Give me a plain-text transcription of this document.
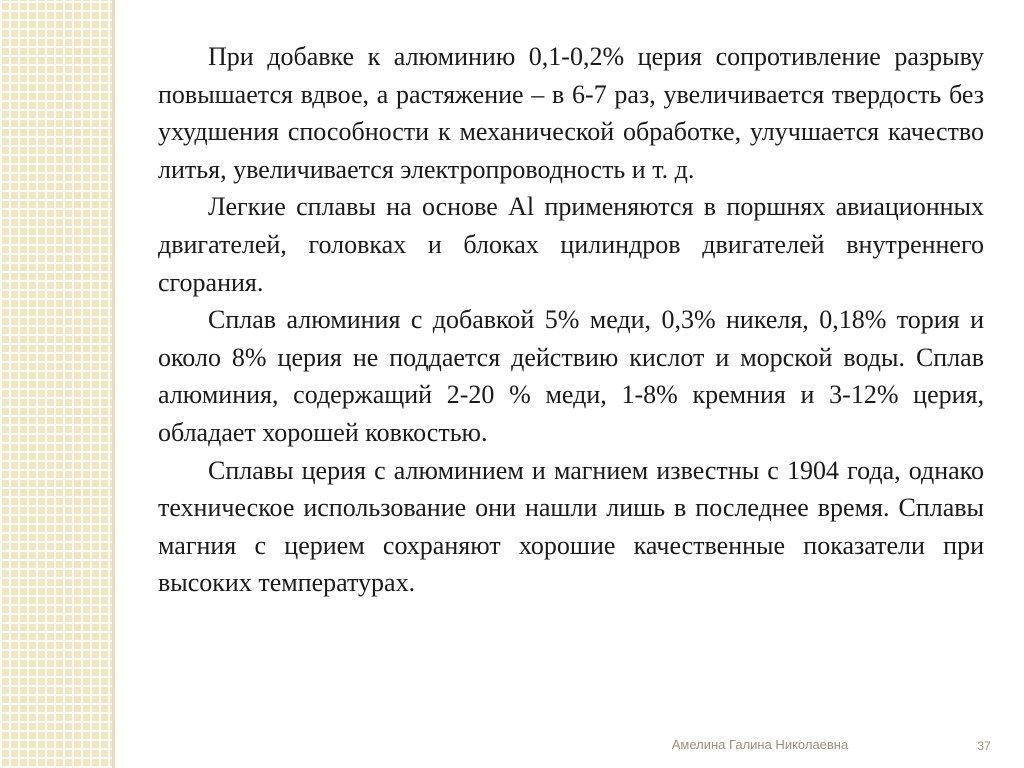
При добавке к алюминию 0,1-0,2% церия сопротивление разрыву повышается вдвое, а растяжение – в 6-7 раз, увеличивается твердость без ухудшения способности к механической обработке, улучшается качество литья, увеличивается электропроводность и т. д.

Легкие сплавы на основе Al применяются в поршнях авиационных двигателей, головках и блоках цилиндров двигателей внутреннего сгорания.

Сплав алюминия с добавкой 5% меди, 0,3% никеля, 0,18% тория и около 8% церия не поддается действию кислот и морской воды. Сплав алюминия, содержащий 2-20 % меди, 1-8% кремния и 3-12% церия, обладает хорошей ковкостью.

Сплавы церия с алюминием и магнием известны с 1904 года, однако техническое использование они нашли лишь в последнее время. Сплавы магния с церием сохраняют хорошие качественные показатели при высоких температурах.

Амелина Галина Николаевна	37
